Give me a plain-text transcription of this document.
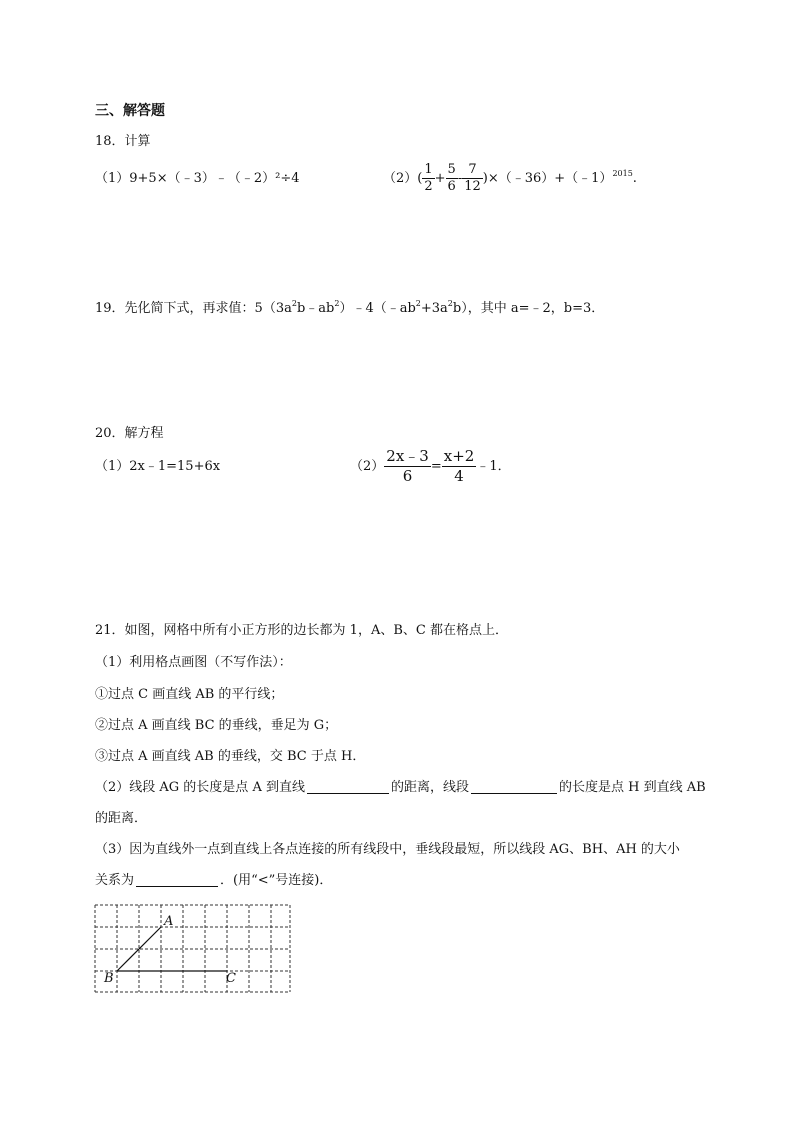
三、解答题
18．计算
（1）9+5×（﹣3）﹣（﹣2）²÷4	$(2)( \frac{1}{2} + \frac{5}{6} - \frac{7}{12}$ )×（﹣36）+（﹣1）$^{2015}$.
19．先化简下式，再求值：$5(3a^2b﹣ab^2)﹣4(﹣ab^2+3a^2b)$，其中 a=﹣2，b=3．
20．解方程
（1）2x﹣1=15+6x	$(2) \frac{2x﹣3}{6} = \frac{x+2}{4}$ ﹣1．
21．如图，网格中所有小正方形的边长都为 1，A、B、C 都在格点上．
（1）利用格点画图（不写作法）：
①过点 C 画直线 AB 的平行线；
②过点 A 画直线 BC 的垂线，垂足为 G；
③过点 A 画直线 AB 的垂线，交 BC 于点 H．
（2）线段 AG 的长度是点 A 到直线	的距离，线段	的长度是点 H 到直线 AB
的距离．
（3）因为直线外一点到直线上各点连接的所有线段中，垂线段最短，所以线段 AG、BH、AH 的大小
关系为	．(用“<”号连接)．
A
B	C
